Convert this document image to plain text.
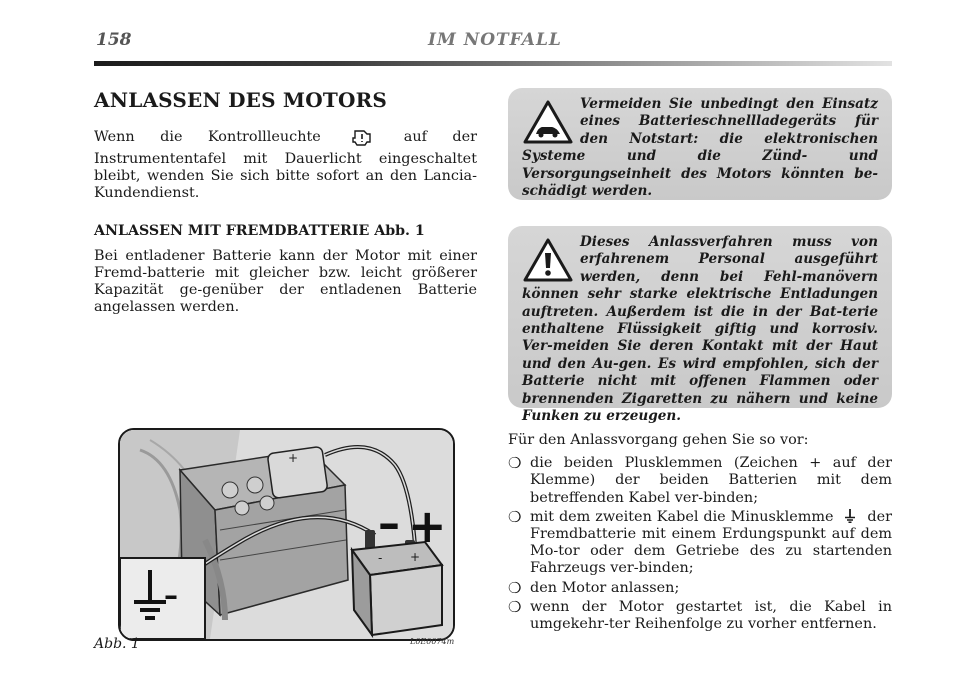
158	IM NOTFALL
ANLASSEN DES MOTORS

Wenn die Kontrollleuchte	auf der Instrumententafel mit Dauerlicht eingeschaltet bleibt, wenden Sie sich bitte sofort an den Lancia-Kundendienst.

ANLASSEN MIT FREMDBATTERIE Abb. 1

Bei entladener Batterie kann der Motor mit einer Fremd-batterie mit gleicher bzw. leicht größerer Kapazität ge-genüber der entladenen Batterie angelassen werden.

Vermeiden Sie unbedingt den Einsatz eines Batterieschnellladegeräts für den Notstart: die elektronischen Systeme und die Zünd- und Versorgungseinheit des Motors könnten be-schädigt werden.

Dieses Anlassverfahren muss von erfahrenem Personal ausgeführt werden, denn bei Fehl-manövern können sehr starke elektrische Entladungen auftreten. Außerdem ist die in der Bat-terie enthaltene Flüssigkeit giftig und korrosiv. Ver-meiden Sie deren Kontakt mit der Haut und den Au-gen. Es wird empfohlen, sich der Batterie nicht mit offenen Flammen oder brennenden Zigaretten zu nähern und keine Funken zu erzeugen.

+
- +
– +
–
Abb. 1	L0E0074m

Für den Anlassvorgang gehen Sie so vor:

❍ die beiden Plusklemmen (Zeichen + auf der Klemme) der beiden Batterien mit dem betreffenden Kabel ver-binden;
❍ mit dem zweiten Kabel die Minusklemme der Fremdbatterie mit einem Erdungspunkt auf dem Mo-tor oder dem Getriebe des zu startenden Fahrzeugs ver-binden;
❍ den Motor anlassen;
❍ wenn der Motor gestartet ist, die Kabel in umgekehr-ter Reihenfolge zu vorher entfernen.
